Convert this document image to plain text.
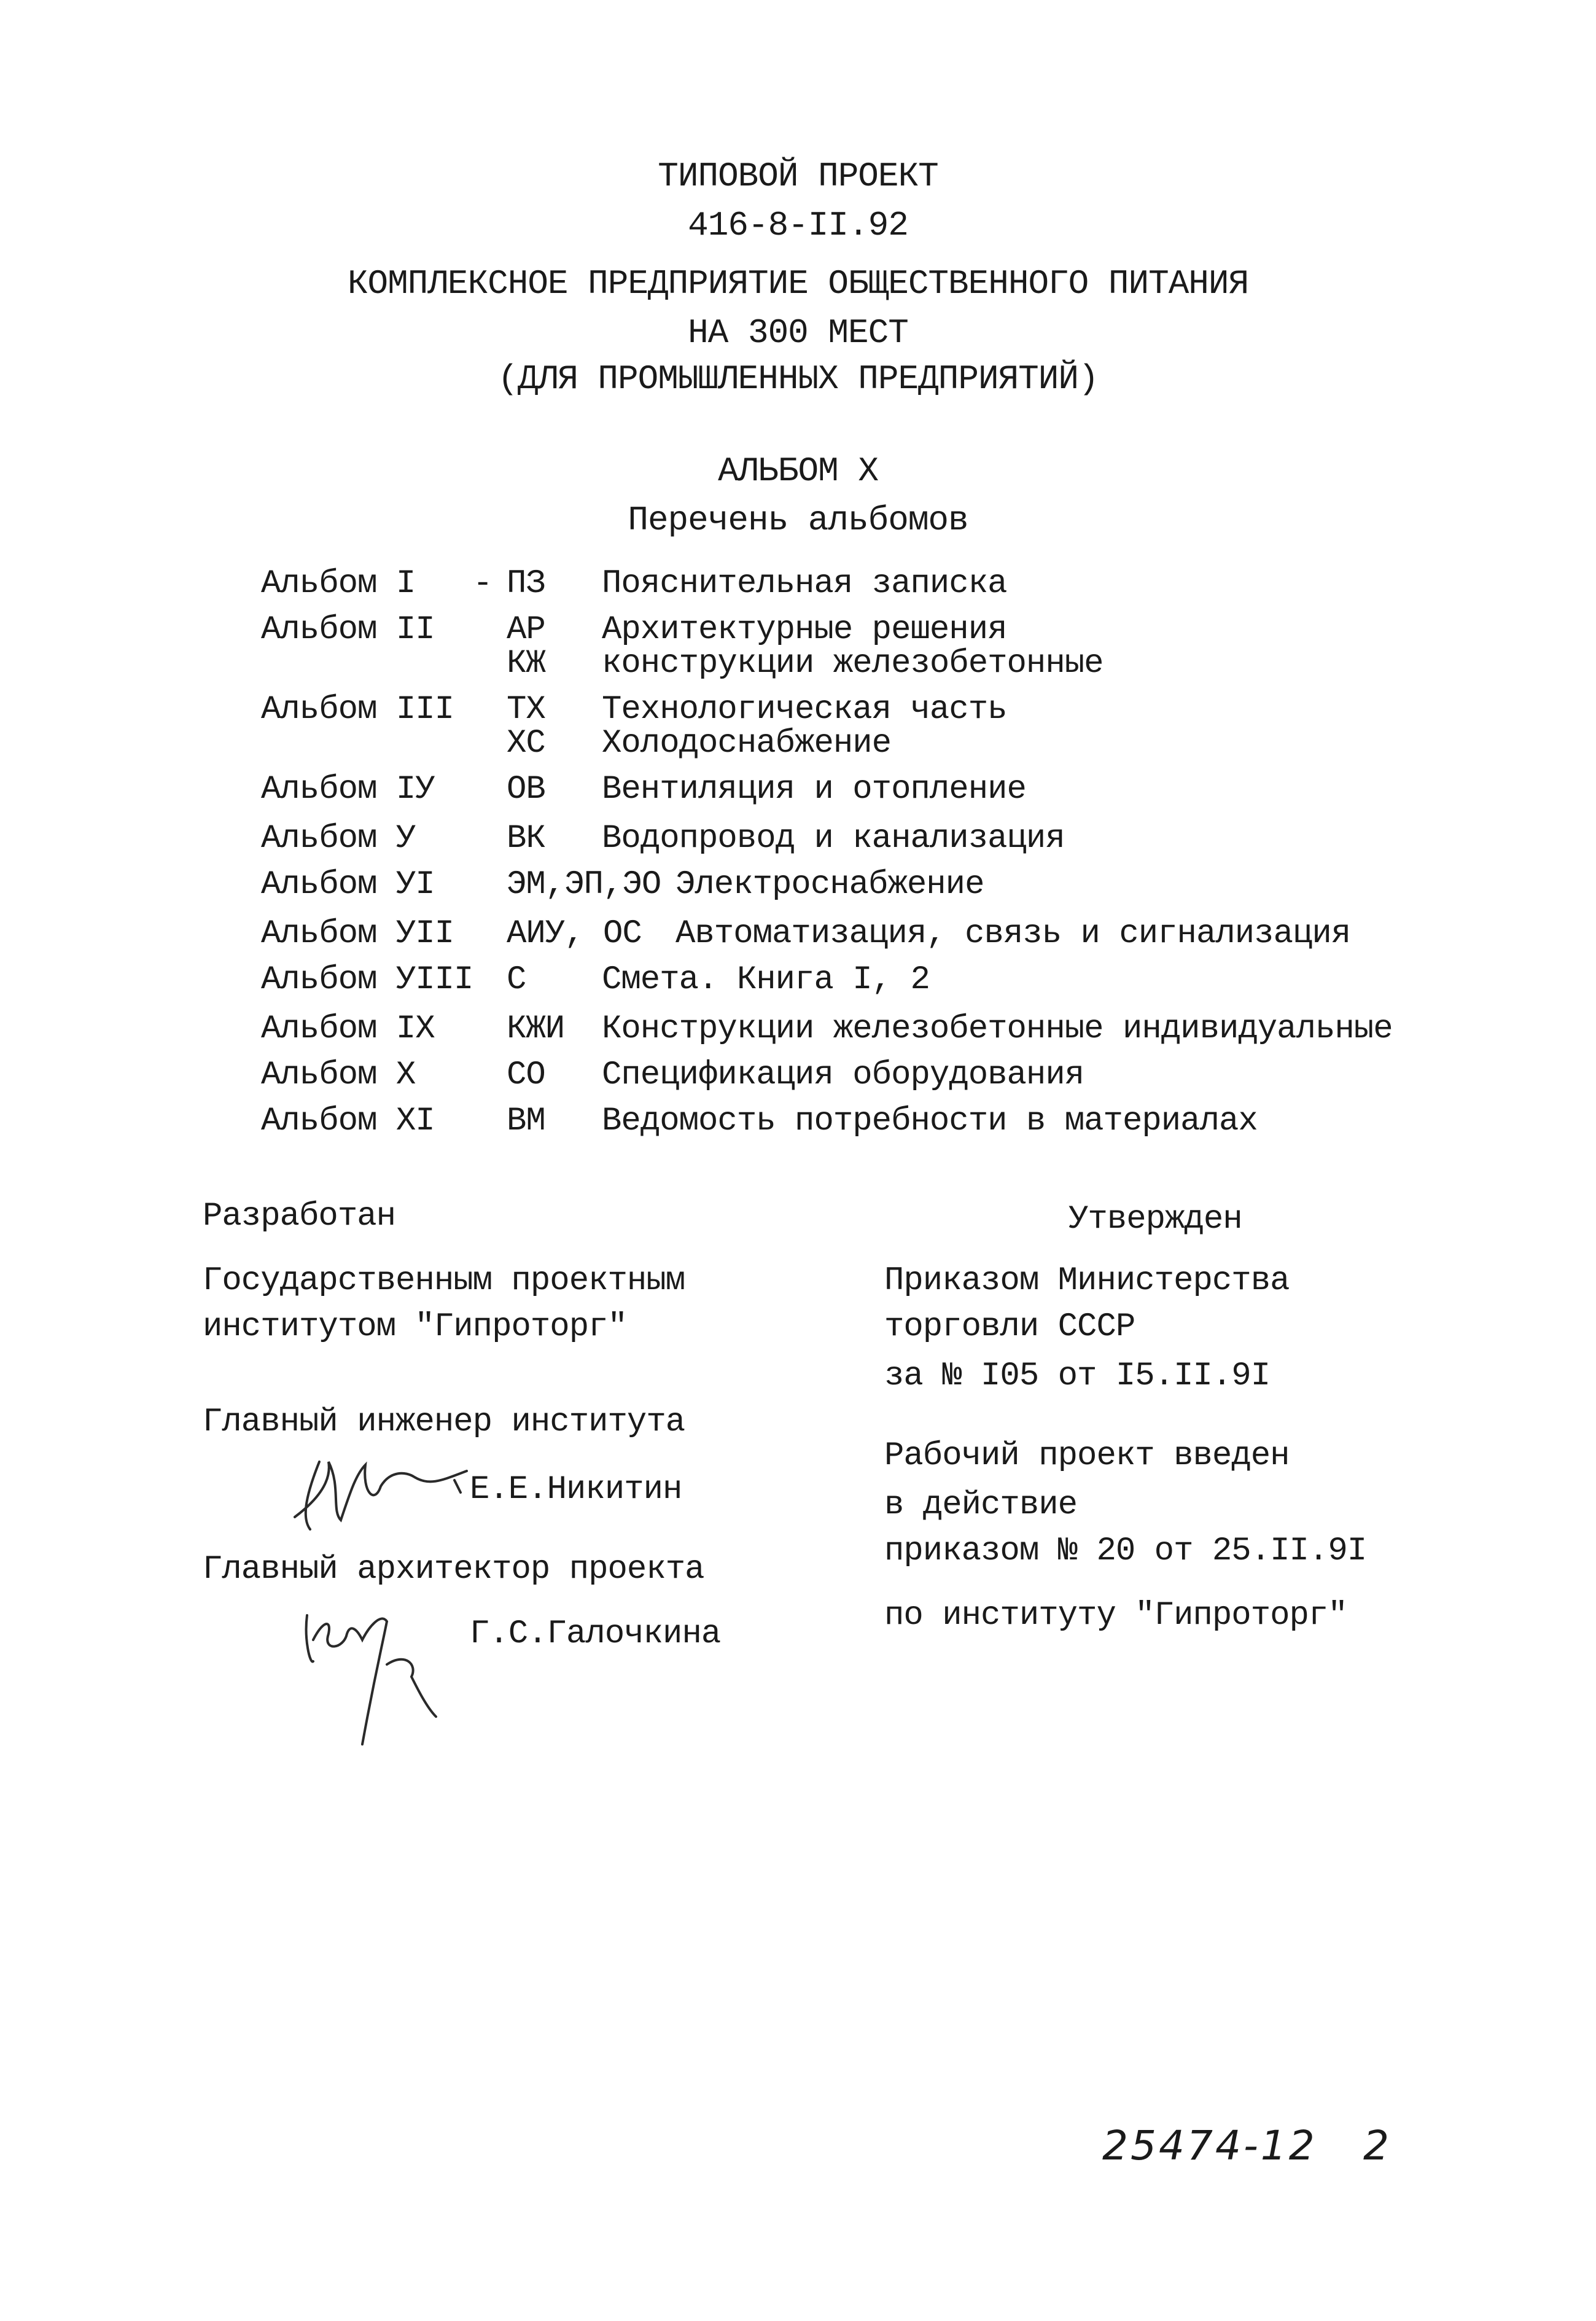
ТИПОВОЙ ПРОЕКТ
416-8-II.92
КОМПЛЕКСНОЕ ПРЕДПРИЯТИЕ ОБЩЕСТВЕННОГО ПИТАНИЯ
НА 300 МЕСТ
(ДЛЯ ПРОМЫШЛЕННЫХ ПРЕДПРИЯТИЙ)
АЛЬБОМ X
Перечень альбомов
Альбом I - ПЗ Пояснительная записка
Альбом II АР Архитектурные решения
КЖ конструкции железобетонные
Альбом III ТХ Технологическая часть
ХС Холодоснабжение
Альбом IУ ОВ Вентиляция и отопление
Альбом У	ВК Водопровод и канализация
Альбом УI ЭМ,ЭП,ЭО Электроснабжение
Альбом УII АИУ, ОС Автоматизация, связь и сигнализация
Альбом УIII С Смета. Книга I, 2
Альбом IX КЖИ Конструкции железобетонные индивидуальные
Альбом X	СО Спецификация оборудования
Альбом XI ВМ Ведомость потребности в материалах
Разработан
Государственным проектным
институтом "Гипроторг"
Главный инженер института
Е.Е.Никитин
Главный архитектор проекта
Г.С.Галочкина
Утвержден
Приказом Министерства
торговли СССР
за № I05 от I5.II.9I
Рабочий проект введен
в действие
приказом № 20 от 25.II.9I
по институту "Гипроторг"
25474-12 2
